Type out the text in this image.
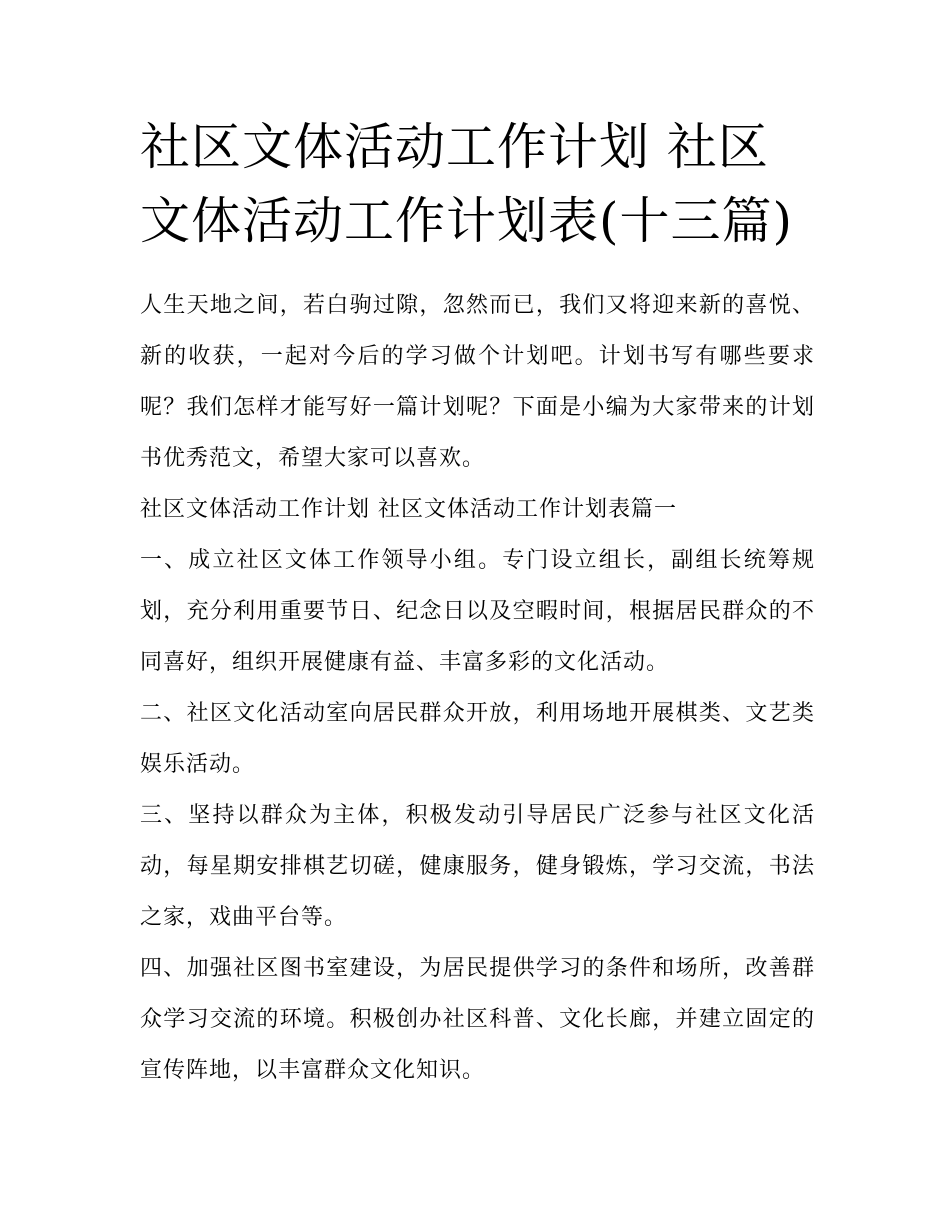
社区文体活动工作计划 社区文体活动工作计划表(十三篇)

人生天地之间，若白驹过隙，忽然而已，我们又将迎来新的喜悦、新的收获，一起对今后的学习做个计划吧。计划书写有哪些要求呢？我们怎样才能写好一篇计划呢？下面是小编为大家带来的计划书优秀范文，希望大家可以喜欢。

社区文体活动工作计划 社区文体活动工作计划表篇一

一、成立社区文体工作领导小组。专门设立组长，副组长统筹规划，充分利用重要节日、纪念日以及空暇时间，根据居民群众的不同喜好，组织开展健康有益、丰富多彩的文化活动。

二、社区文化活动室向居民群众开放，利用场地开展棋类、文艺类娱乐活动。

三、坚持以群众为主体，积极发动引导居民广泛参与社区文化活动，每星期安排棋艺切磋，健康服务，健身锻炼，学习交流，书法之家，戏曲平台等。

四、加强社区图书室建设，为居民提供学习的条件和场所，改善群众学习交流的环境。积极创办社区科普、文化长廊，并建立固定的宣传阵地，以丰富群众文化知识。
